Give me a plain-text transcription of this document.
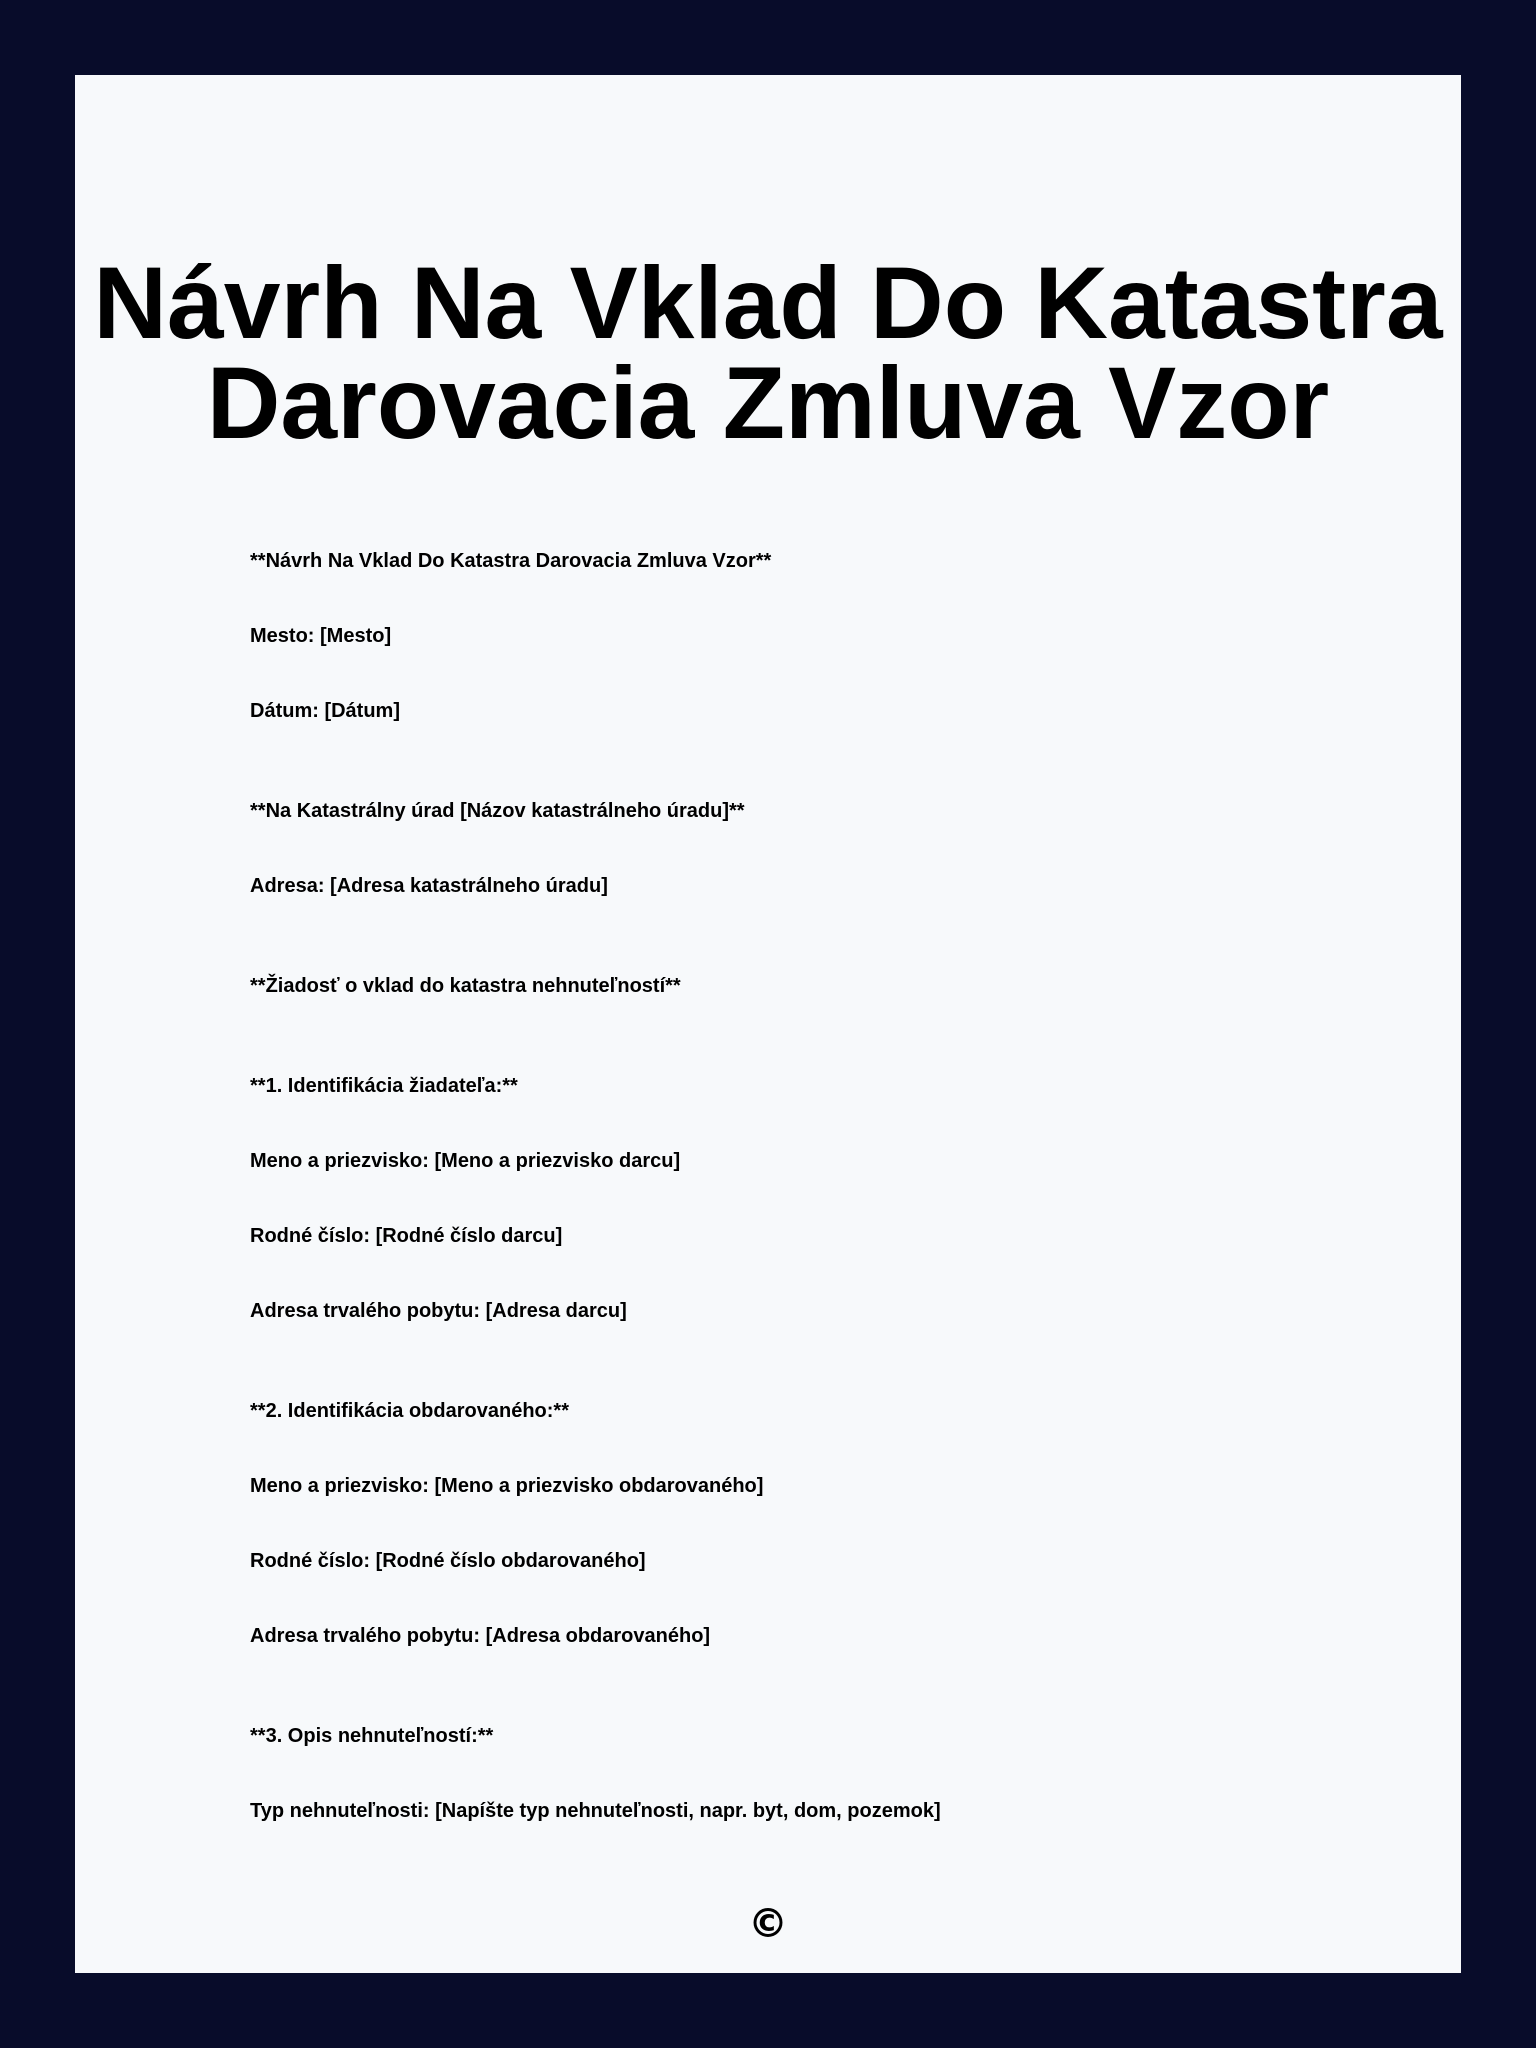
Návrh Na Vklad Do Katastra
Darovacia Zmluva Vzor
**Návrh Na Vklad Do Katastra Darovacia Zmluva Vzor**
Mesto: [Mesto]
Dátum: [Dátum]
**Na Katastrálny úrad [Názov katastrálneho úradu]**
Adresa: [Adresa katastrálneho úradu]
**Žiadosť o vklad do katastra nehnuteľností**
**1. Identifikácia žiadateľa:**
Meno a priezvisko: [Meno a priezvisko darcu]
Rodné číslo: [Rodné číslo darcu]
Adresa trvalého pobytu: [Adresa darcu]
**2. Identifikácia obdarovaného:**
Meno a priezvisko: [Meno a priezvisko obdarovaného]
Rodné číslo: [Rodné číslo obdarovaného]
Adresa trvalého pobytu: [Adresa obdarovaného]
**3. Opis nehnuteľností:**
Typ nehnuteľnosti: [Napíšte typ nehnuteľnosti, napr. byt, dom, pozemok]
©
